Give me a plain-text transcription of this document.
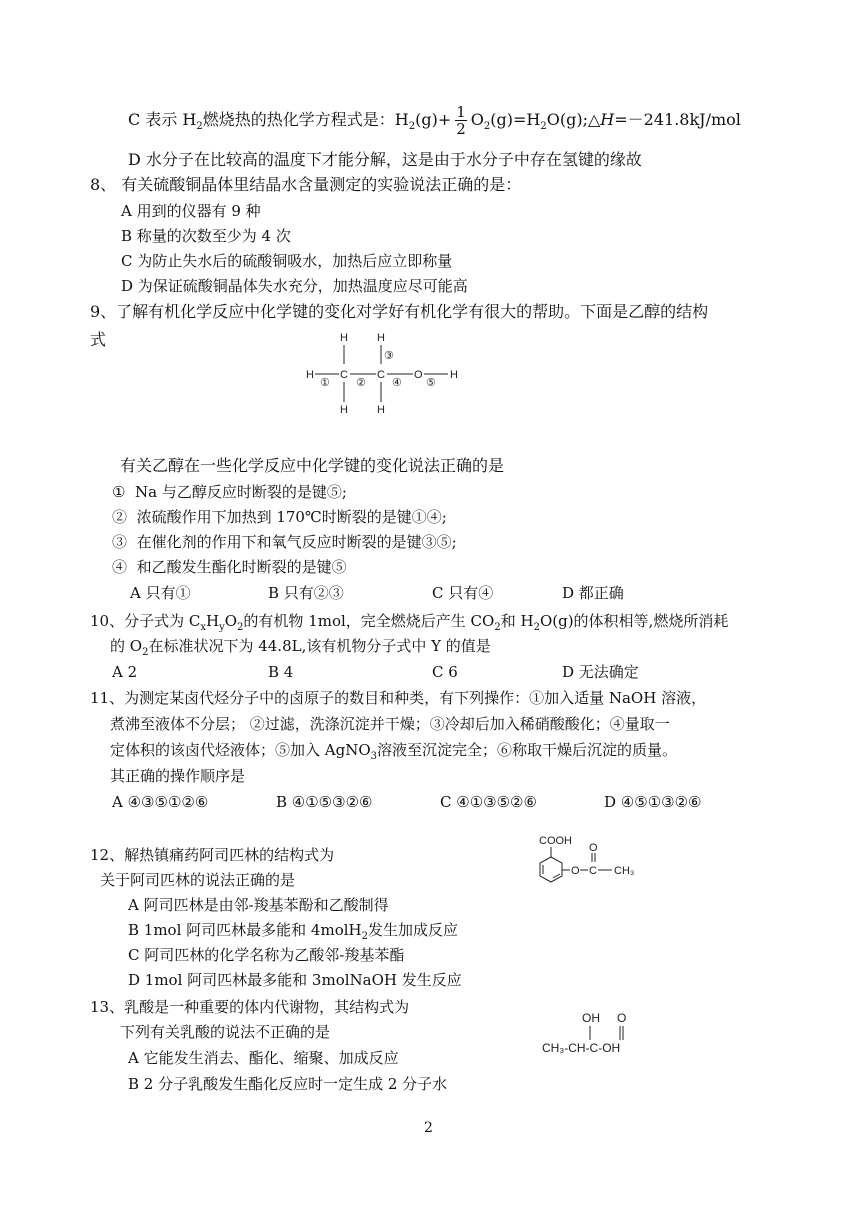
C 表示 $H_2$燃烧热的热化学方程式是：$H_2(g)+ \frac{1}{2}$ $O_2(g)=H_2O(g);\triangle H=-241.8kJ$/mol
D 水分子在比较高的温度下才能分解，这是由于水分子中存在氢键的缘故
8、 有关硫酸铜晶体里结晶水含量测定的实验说法正确的是：
A 用到的仪器有 9 种
B 称量的次数至少为 4 次
C 为防止失水后的硫酸铜吸水，加热后应立即称量
D 为保证硫酸铜晶体失水充分，加热温度应尽可能高
9、了解有机化学反应中化学键的变化对学好有机化学有很大的帮助。下面是乙醇的结构
式	H	H
③
H C	C	O H
① ② ④ ⑤
H	H
有关乙醇在一些化学反应中化学键的变化说法正确的是
① Na 与乙醇反应时断裂的是键⑤;
② 浓硫酸作用下加热到 170℃时断裂的是键①④;
③ 在催化剂的作用下和氧气反应时断裂的是键③⑤;
④ 和乙酸发生酯化时断裂的是键⑤
A 只有①	B 只有②③	C 只有④	D 都正确
10、分子式为 $C_xH_yO_2$的有机物 1mol，完全燃烧后产生 $CO_2$和 $H_2O(g)$的体积相等,燃烧所消耗
的 $O_2$在标准状况下为 44.8L,该有机物分子式中 Y 的值是
A 2	B 4	C 6	D 无法确定
11、为测定某卤代烃分子中的卤原子的数目和种类，有下列操作：①加入适量 NaOH 溶液，
煮沸至液体不分层； ②过滤，洗涤沉淀并干燥；③冷却后加入稀硝酸酸化；④量取一
定体积的该卤代烃液体；⑤加入 AgNO$_3$溶液至沉淀完全；⑥称取干燥后沉淀的质量。
其正确的操作顺序是
A ④③⑤①②⑥	B ④①⑤③②⑥	C ④①③⑤②⑥	D ④⑤①③②⑥
12、解热镇痛药阿司匹林的结构式为
关于阿司匹林的说法正确的是
A 阿司匹林是由邻-羧基苯酚和乙酸制得
B 1mol 阿司匹林最多能和 4molH$_2$发生加成反应
C 阿司匹林的化学名称为乙酸邻-羧基苯酯
D 1mol 阿司匹林最多能和 3molNaOH 发生反应
COOH
O C
O
CH₃
13、乳酸是一种重要的体内代谢物，其结构式为
下列有关乳酸的说法不正确的是
A 它能发生消去、酯化、缩聚、加成反应
B 2 分子乳酸发生酯化反应时一定生成 2 分子水
OH O
CH₃-CH-C-OH
2
